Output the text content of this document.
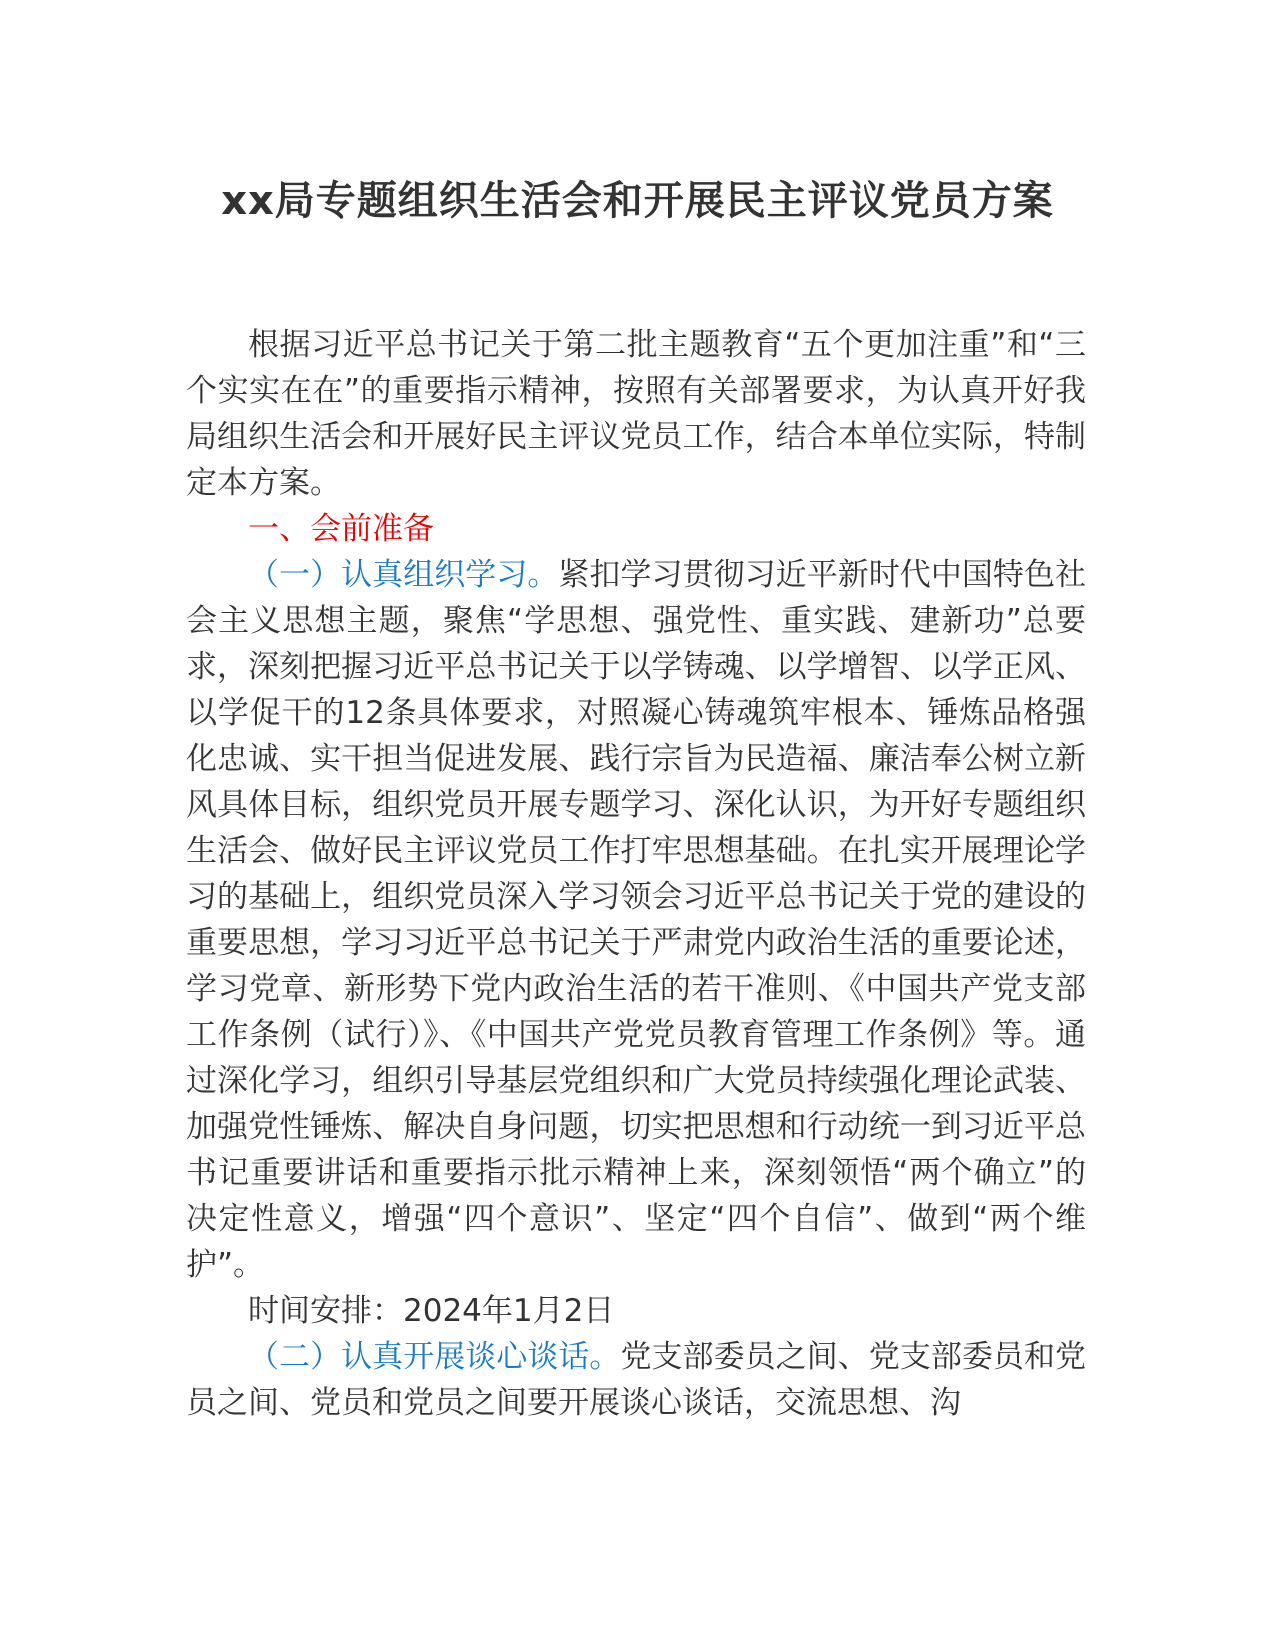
xx局专题组织生活会和开展民主评议党员方案

根据习近平总书记关于第二批主题教育“五个更加注重”和“三个实实在在”的重要指示精神，按照有关部署要求，为认真开好我局组织生活会和开展好民主评议党员工作，结合本单位实际，特制定本方案。

一、会前准备

（一）认真组织学习。紧扣学习贯彻习近平新时代中国特色社会主义思想主题，聚焦“学思想、强党性、重实践、建新功”总要求，深刻把握习近平总书记关于以学铸魂、以学增智、以学正风、以学促干的12条具体要求，对照凝心铸魂筑牢根本、锤炼品格强化忠诚、实干担当促进发展、践行宗旨为民造福、廉洁奉公树立新风具体目标，组织党员开展专题学习、深化认识，为开好专题组织生活会、做好民主评议党员工作打牢思想基础。在扎实开展理论学习的基础上，组织党员深入学习领会习近平总书记关于党的建设的重要思想，学习习近平总书记关于严肃党内政治生活的重要论述，学习党章、新形势下党内政治生活的若干准则、《中国共产党支部工作条例（试行）》、《中国共产党党员教育管理工作条例》等。通过深化学习，组织引导基层党组织和广大党员持续强化理论武装、加强党性锤炼、解决自身问题，切实把思想和行动统一到习近平总书记重要讲话和重要指示批示精神上来，深刻领悟“两个确立”的决定性意义，增强“四个意识”、坚定“四个自信”、做到“两个维护”。

时间安排：2024年1月2日

（二）认真开展谈心谈话。党支部委员之间、党支部委员和党员之间、党员和党员之间要开展谈心谈话，交流思想、沟
